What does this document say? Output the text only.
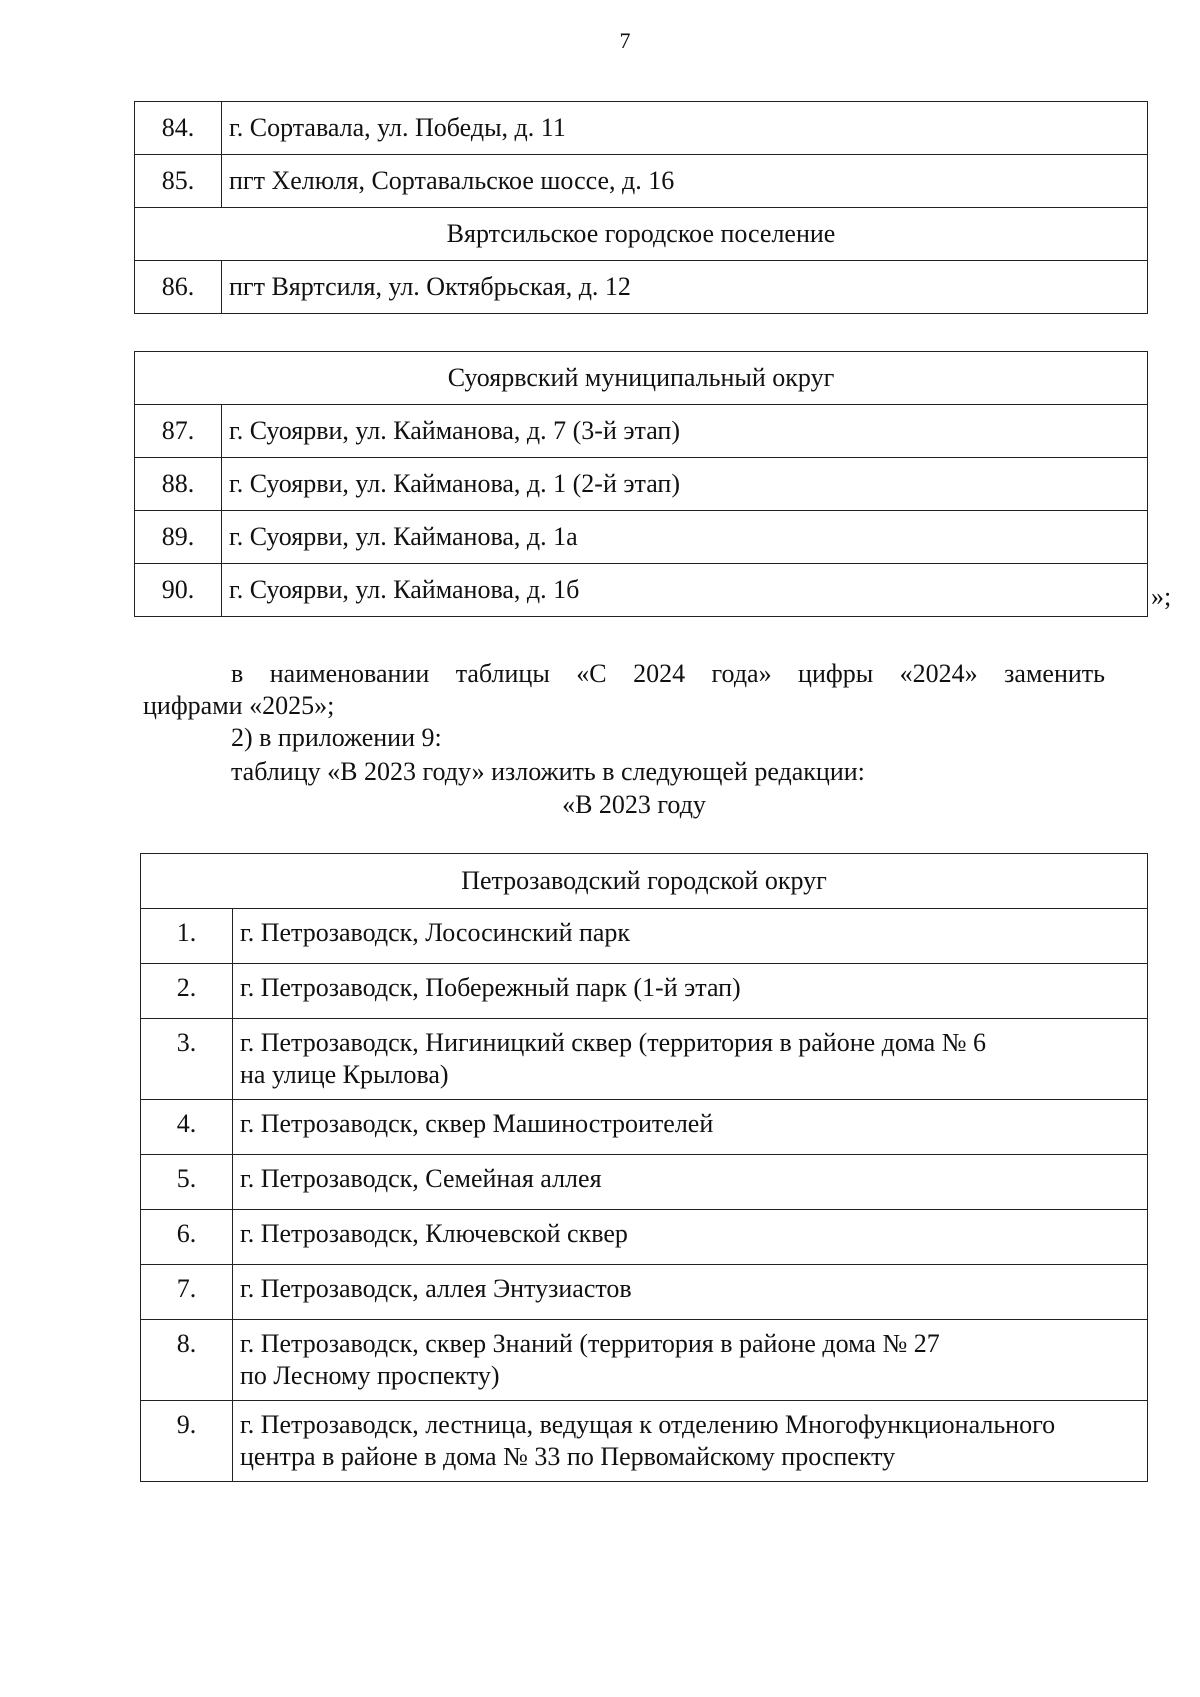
7
84.	г. Сортавала, ул. Победы, д. 11
85.	пгт Хелюля, Сортавальское шоссе, д. 16
Вяртсильское городское поселение	
86.	пгт Вяртсиля, ул. Октябрьская, д. 12
Суоярвский муниципальный округ	
87.	г. Суоярви, ул. Кайманова, д. 7 (3-й этап)
88.	г. Суоярви, ул. Кайманова, д. 1 (2-й этап)
89.	г. Суоярви, ул. Кайманова, д. 1а
90.	г. Суоярви, ул. Кайманова, д. 1б	»;
в наименовании таблицы «С 2024 года» цифры «2024» заменить
цифрами «2025»;
2) в приложении 9:
таблицу «В 2023 году» изложить в следующей редакции:
«В 2023 году
Петрозаводский городской округ	
1.	г. Петрозаводск, Лососинский парк

2.	г. Петрозаводск, Побережный парк (1-й этап)

3.	г. Петрозаводск, Нигиницкий сквер (территория в районе дома № 6
на улице Крылова)

4.	г. Петрозаводск, сквер Машиностроителей

5.	г. Петрозаводск, Семейная аллея

6.	г. Петрозаводск, Ключевской сквер

7.	г. Петрозаводск, аллея Энтузиастов

8.	г. Петрозаводск, сквер Знаний (территория в районе дома № 27
по Лесному проспекту)

9.	г. Петрозаводск, лестница, ведущая к отделению Многофункционального
центра в районе в дома № 33 по Первомайскому проспекту
